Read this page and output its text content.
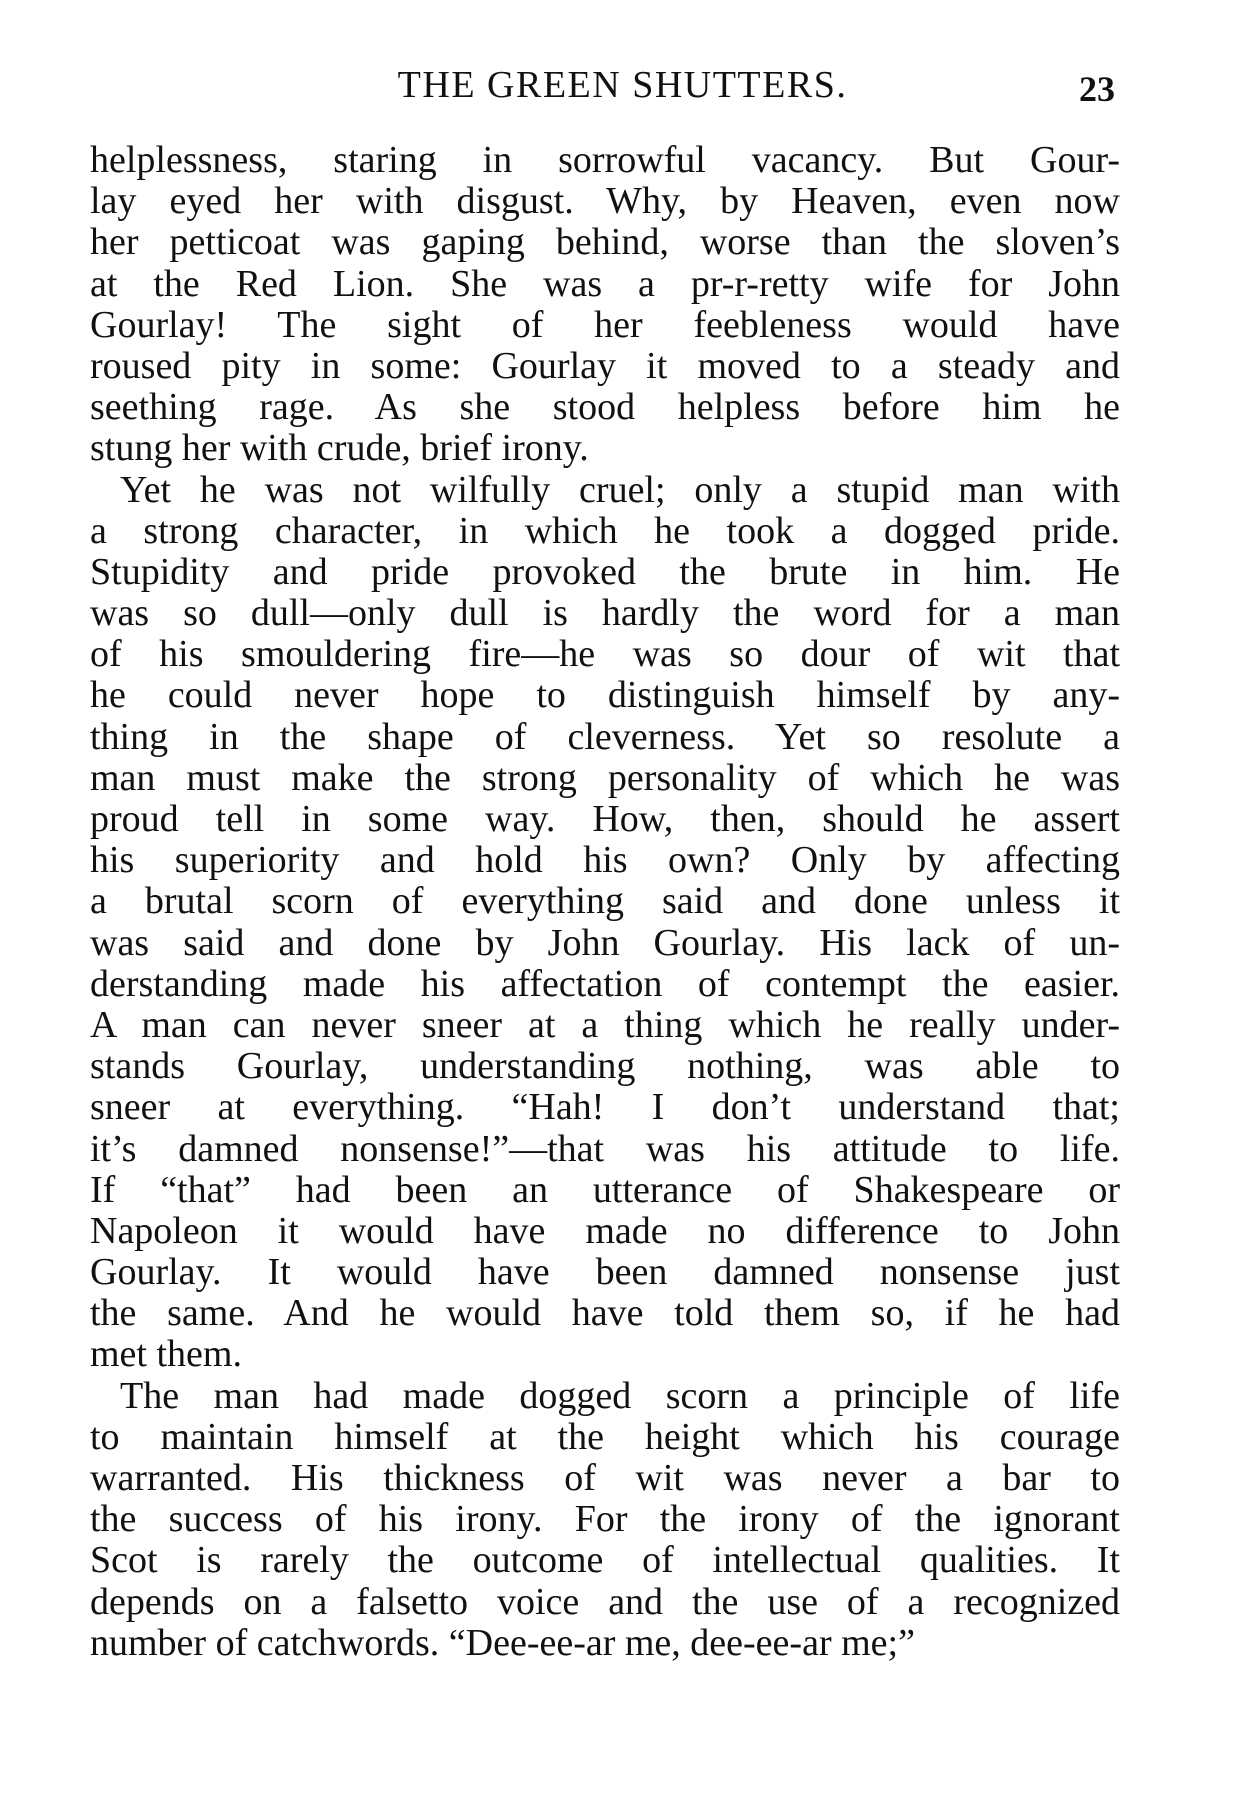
THE GREEN SHUTTERS.	23
helplessness, staring in sorrowful vacancy. But Gour-
lay eyed her with disgust. Why, by Heaven, even now
her petticoat was gaping behind, worse than the sloven’s
at the Red Lion. She was a pr-r-retty wife for John
Gourlay! The sight of her feebleness would have
roused pity in some: Gourlay it moved to a steady and
seething rage. As she stood helpless before him he
stung her with crude, brief irony.
Yet he was not wilfully cruel; only a stupid man with
a strong character, in which he took a dogged pride.
Stupidity and pride provoked the brute in him. He
was so dull—only dull is hardly the word for a man
of his smouldering fire—he was so dour of wit that
he could never hope to distinguish himself by any-
thing in the shape of cleverness. Yet so resolute a
man must make the strong personality of which he was
proud tell in some way. How, then, should he assert
his superiority and hold his own? Only by affecting
a brutal scorn of everything said and done unless it
was said and done by John Gourlay. His lack of un-
derstanding made his affectation of contempt the easier.
A man can never sneer at a thing which he really under-
stands Gourlay, understanding nothing, was able to
sneer at everything. “Hah! I don’t understand that;
it’s damned nonsense!”—that was his attitude to life.
If “that” had been an utterance of Shakespeare or
Napoleon it would have made no difference to John
Gourlay. It would have been damned nonsense just
the same. And he would have told them so, if he had
met them.
The man had made dogged scorn a principle of life
to maintain himself at the height which his courage
warranted. His thickness of wit was never a bar to
the success of his irony. For the irony of the ignorant
Scot is rarely the outcome of intellectual qualities. It
depends on a falsetto voice and the use of a recognized
number of catchwords. “Dee-ee-ar me, dee-ee-ar me;”
